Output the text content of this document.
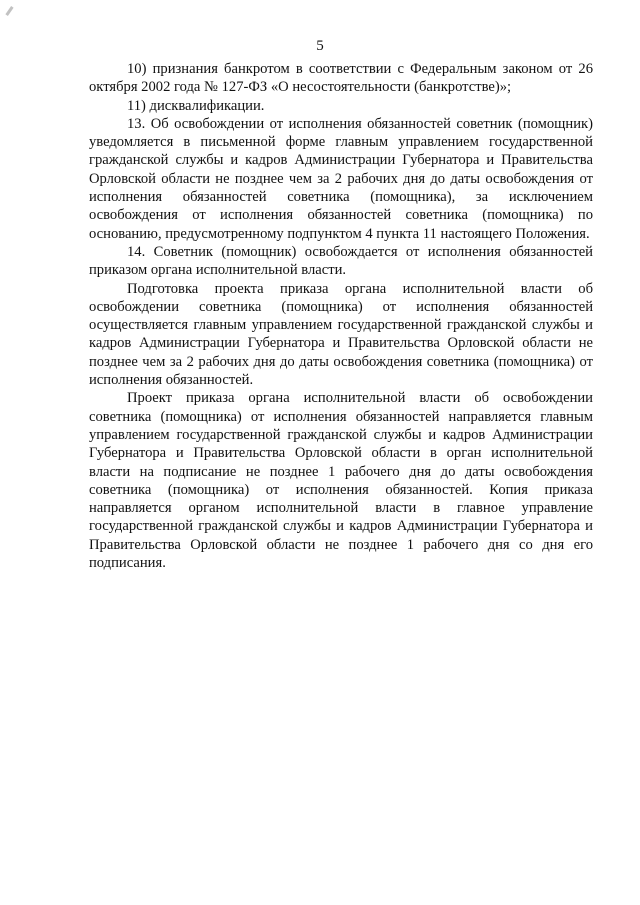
5

10) признания банкротом в соответствии с Федеральным законом от 26 октября 2002 года № 127-ФЗ «О несостоятельности (банкротстве)»;

11) дисквалификации.

13. Об освобождении от исполнения обязанностей советник (помощник) уведомляется в письменной форме главным управлением государственной гражданской службы и кадров Администрации Губернатора и Правительства Орловской области не позднее чем за 2 рабочих дня до даты освобождения от исполнения обязанностей советника (помощника), за исключением освобождения от исполнения обязанностей советника (помощника) по основанию, предусмотренному подпунктом 4 пункта 11 настоящего Положения.

14. Советник (помощник) освобождается от исполнения обязанностей приказом органа исполнительной власти.

Подготовка проекта приказа органа исполнительной власти об освобождении советника (помощника) от исполнения обязанностей осуществляется главным управлением государственной гражданской службы и кадров Администрации Губернатора и Правительства Орловской области не позднее чем за 2 рабочих дня до даты освобождения советника (помощника) от исполнения обязанностей.

Проект приказа органа исполнительной власти об освобождении советника (помощника) от исполнения обязанностей направляется главным управлением государственной гражданской службы и кадров Администрации Губернатора и Правительства Орловской области в орган исполнительной власти на подписание не позднее 1 рабочего дня до даты освобождения советника (помощника) от исполнения обязанностей. Копия приказа направляется органом исполнительной власти в главное управление государственной гражданской службы и кадров Администрации Губернатора и Правительства Орловской области не позднее 1 рабочего дня со дня его подписания.
